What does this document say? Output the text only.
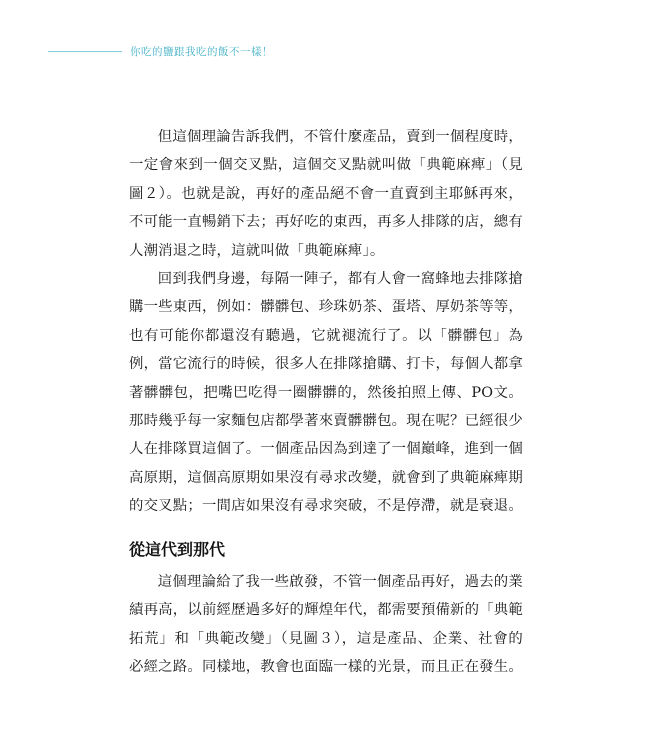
你吃的鹽跟我吃的飯不一樣！

但這個理論告訴我們，不管什麼產品，賣到一個程度時，一定會來到一個交叉點，這個交叉點就叫做「典範麻痺」（見圖２）。也就是說，再好的產品絕不會一直賣到主耶穌再來，不可能一直暢銷下去；再好吃的東西，再多人排隊的店，總有人潮消退之時，這就叫做「典範麻痺」。

回到我們身邊，每隔一陣子，都有人會一窩蜂地去排隊搶購一些東西，例如：髒髒包、珍珠奶茶、蛋塔、厚奶茶等等，也有可能你都還沒有聽過，它就褪流行了。以「髒髒包」為例，當它流行的時候，很多人在排隊搶購、打卡，每個人都拿著髒髒包，把嘴巴吃得一圈髒髒的，然後拍照上傳、PO文。那時幾乎每一家麵包店都學著來賣髒髒包。現在呢？已經很少人在排隊買這個了。一個產品因為到達了一個巔峰，進到一個高原期，這個高原期如果沒有尋求改變，就會到了典範麻痺期的交叉點；一間店如果沒有尋求突破，不是停滯，就是衰退。

從這代到那代

這個理論給了我一些啟發，不管一個產品再好，過去的業績再高，以前經歷過多好的輝煌年代，都需要預備新的「典範拓荒」和「典範改變」（見圖３），這是產品、企業、社會的必經之路。同樣地，教會也面臨一樣的光景，而且正在發生。
